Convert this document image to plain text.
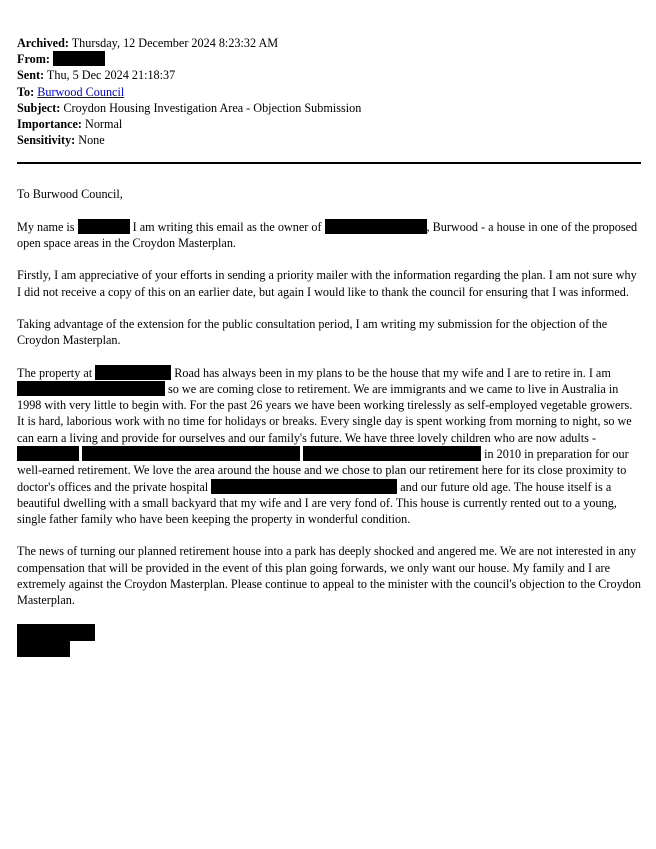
Archived: Thursday, 12 December 2024 8:23:32 AM
From:
Sent: Thu, 5 Dec 2024 21:18:37
To: Burwood Council
Subject: Croydon Housing Investigation Area - Objection Submission
Importance: Normal
Sensitivity: None

To Burwood Council,

My name is	I am writing this email as the owner of	, Burwood - a house in one of the proposed open space areas in the Croydon Masterplan.

Firstly, I am appreciative of your efforts in sending a priority mailer with the information regarding the plan. I am not sure why I did not receive a copy of this on an earlier date, but again I would like to thank the council for ensuring that I was informed.

Taking advantage of the extension for the public consultation period, I am writing my submission for the objection of the Croydon Masterplan.

The property at	Road has always been in my plans to be the house that my wife and I are to retire in. I am  so we are coming close to retirement. We are immigrants and we came to live in Australia in 1998 with very little to begin with. For the past 26 years we have been working tirelessly as self-employed vegetable growers. It is hard, laborious work with no time for holidays or breaks. Every single day is spent working from morning to night, so we can earn a living and provide for ourselves and our family's future. We have three lovely children who are now adults -    in 2010 in preparation for our well-earned retirement. We love the area around the house and we chose to plan our retirement here for its close proximity to doctor's offices and the private hospital	and our future old age. The house itself is a beautiful dwelling with a small backyard that my wife and I are very fond of. This house is currently rented out to a young, single father family who have been keeping the property in wonderful condition.

The news of turning our planned retirement house into a park has deeply shocked and angered me. We are not interested in any compensation that will be provided in the event of this plan going forwards, we only want our house. My family and I are extremely against the Croydon Masterplan. Please continue to appeal to the minister with the council's objection to the Croydon Masterplan.
